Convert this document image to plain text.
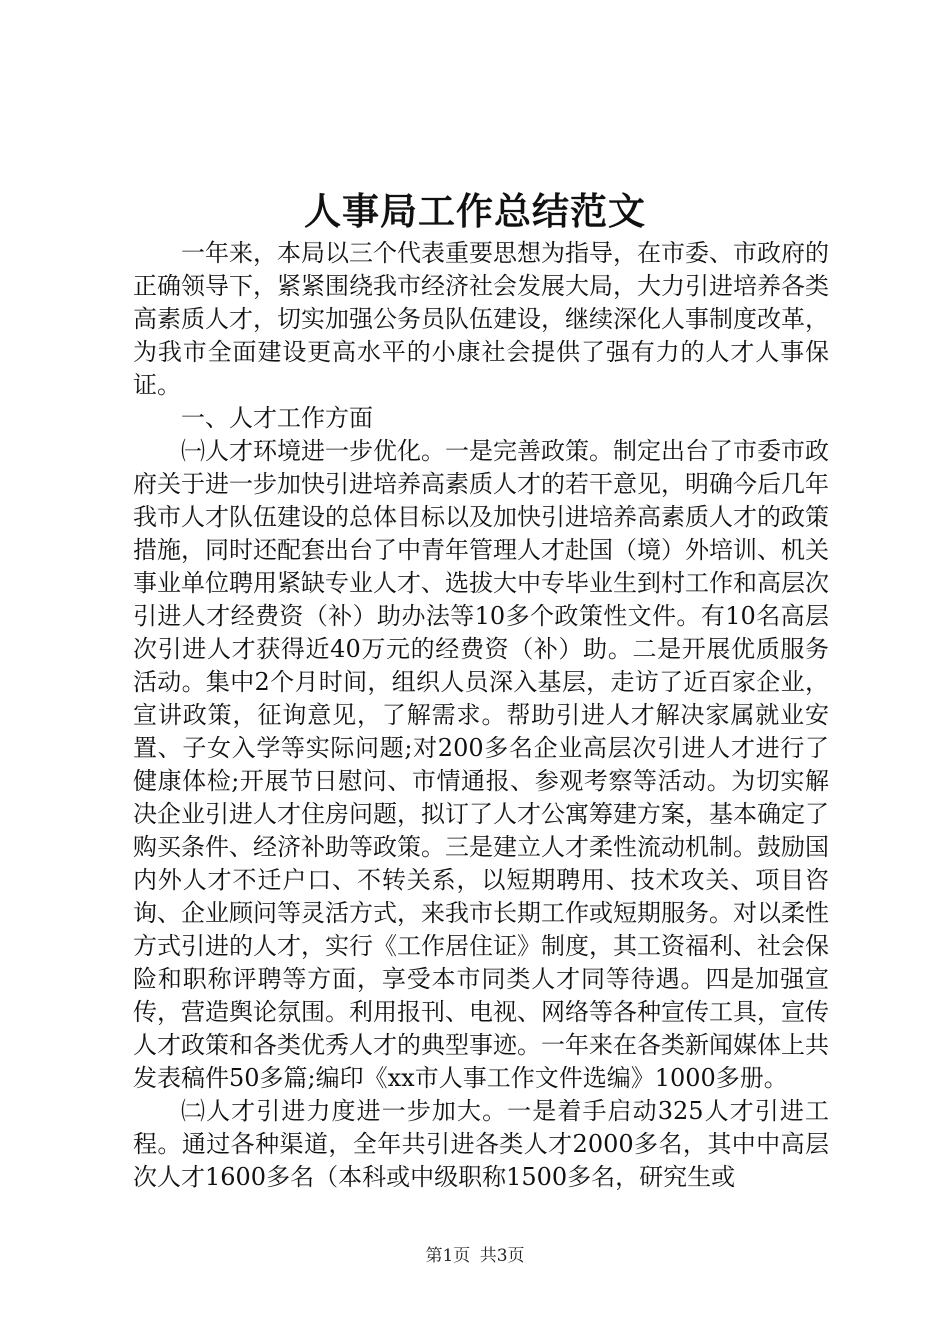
人事局工作总结范文

一年来，本局以三个代表重要思想为指导，在市委、市政府的正确领导下，紧紧围绕我市经济社会发展大局，大力引进培养各类高素质人才，切实加强公务员队伍建设，继续深化人事制度改革，为我市全面建设更高水平的小康社会提供了强有力的人才人事保证。

一、人才工作方面

㈠人才环境进一步优化。一是完善政策。制定出台了市委市政府关于进一步加快引进培养高素质人才的若干意见，明确今后几年我市人才队伍建设的总体目标以及加快引进培养高素质人才的政策措施，同时还配套出台了中青年管理人才赴国（境）外培训、机关事业单位聘用紧缺专业人才、选拔大中专毕业生到村工作和高层次引进人才经费资（补）助办法等10多个政策性文件。有10名高层次引进人才获得近40万元的经费资（补）助。二是开展优质服务活动。集中2个月时间，组织人员深入基层，走访了近百家企业，宣讲政策，征询意见，了解需求。帮助引进人才解决家属就业安置、子女入学等实际问题;对200多名企业高层次引进人才进行了健康体检;开展节日慰问、市情通报、参观考察等活动。为切实解决企业引进人才住房问题，拟订了人才公寓筹建方案，基本确定了购买条件、经济补助等政策。三是建立人才柔性流动机制。鼓励国内外人才不迁户口、不转关系，以短期聘用、技术攻关、项目咨询、企业顾问等灵活方式，来我市长期工作或短期服务。对以柔性方式引进的人才，实行《工作居住证》制度，其工资福利、社会保险和职称评聘等方面，享受本市同类人才同等待遇。四是加强宣传，营造舆论氛围。利用报刊、电视、网络等各种宣传工具，宣传人才政策和各类优秀人才的典型事迹。一年来在各类新闻媒体上共发表稿件50多篇;编印《xx市人事工作文件选编》1000多册。

㈡人才引进力度进一步加大。一是着手启动325人才引进工程。通过各种渠道，全年共引进各类人才2000多名，其中中高层次人才1600多名（本科或中级职称1500多名，研究生或

第1页 共3页
